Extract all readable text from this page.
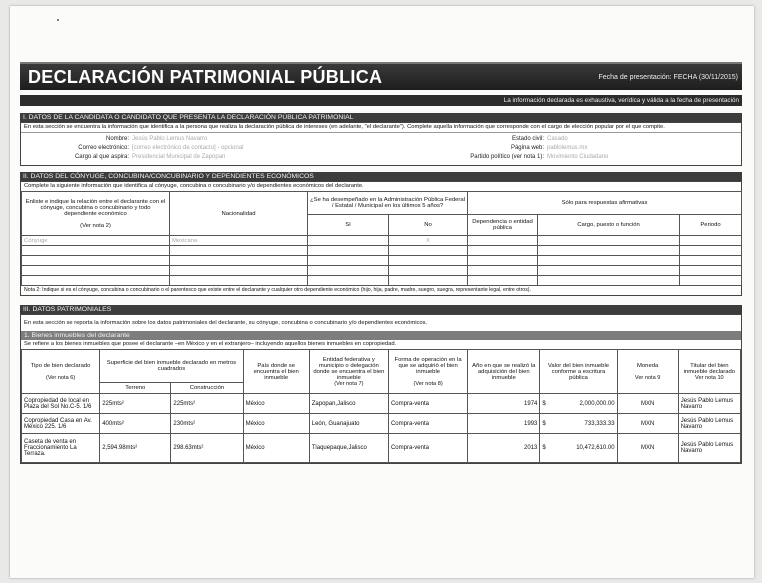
DECLARACIÓN PATRIMONIAL PÚBLICA	Fecha de presentación: FECHA (30/11/2015)
La información declarada es exhaustiva, verídica y válida a la fecha de presentación
I. DATOS DE LA CANDIDATA O CANDIDATO QUE PRESENTA LA DECLARACIÓN PÚBLICA PATRIMONIAL
En esta sección se encuentra la información que identifica a la persona que realiza la declaración pública de intereses (en adelante, "el declarante"). Complete aquella información que corresponde con el cargo de elección popular por el que compite.
Nombre: Jesús Pablo Lemus Navarro
Correo electrónico: [correo electrónico de contacto] - opcional
Cargo al que aspira: Presidencial Municipal de Zapopan
Estado civil: Casado
Página web: pablolemus.mx
Partido político (ver nota 1): Movimiento Ciudadano
II. DATOS DEL CÓNYUGE, CONCUBINA/CONCUBINARIO Y DEPENDIENTES ECONÓMICOS
Complete la siguiente información que identifica al cónyuge, concubina o concubinario y/o dependientes económicos del declarante.
Enliste e indique la relación entre el declarante con el cónyuge, concubina o concubinario y todo dependiente económico

(Ver nota 2)	Nacionalidad	¿Se ha desempeñado en la Administración Pública Federal / Estatal / Municipal en los últimos 5 años?		Sólo para respuestas afirmativas		
		Sí	No	Dependencia o entidad pública	Cargo, puesto o función	Periodo
Cónyuge	Mexicana		X			

Nota 2: Indique si es el cónyuge, concubina o concubinario o el parentesco que existe entre el declarante y cualquier otro dependiente económico (hijo, hija, padre, madre, suegro, suegra, representante legal, entre otros).
III. DATOS PATRIMONIALES
En esta sección se reporta la información sobre los datos patrimoniales del declarante, su cónyuge, concubina o concubinario y/o dependientes económicos.
1. Bienes inmuebles del declarante
Se refiere a los bienes inmuebles que posee el declarante –en México y en el extranjero– incluyendo aquellos bienes inmuebles en copropiedad.
Tipo de bien declarado

(Ver nota 6)	Superficie del bien inmueble declarado en metros cuadrados		País donde se encuentra el bien inmueble	Entidad federativa y municipio o delegación donde se encuentra el bien inmueble
(Ver nota 7)	Forma de operación en la que se adquirió el bien inmueble

(Ver nota 8)	Año en que se realizó la adquisición del bien inmueble	Valor del bien inmueble conforme a escritura pública	Moneda

Ver nota 9	Titular del bien inmueble declarado
Ver nota 10
	Terreno	Construcción							
Copropiedad de local en Plaza del Sol No.C-5. 1/6	225mts²	225mts²	México	Zapopan,Jalisco	Compra-venta	1974	$ 2,000,000.00	MXN	Jesús Pablo Lemus Navarro
Copropiedad Casa en Av. México 225. 1/6	400mts²	230mts²	México	León, Guanajuato	Compra-venta	1993	$ 733,333.33	MXN	Jesús Pablo Lemus Navarro
Caseta de venta en Fraccionamiento La Terraza.	2,594.98mts²	298.63mts²	México	Tlaquepaque,Jalisco	Compra-venta	2013	$ 10,472,610.00	MXN	Jesús Pablo Lemus Navarro
